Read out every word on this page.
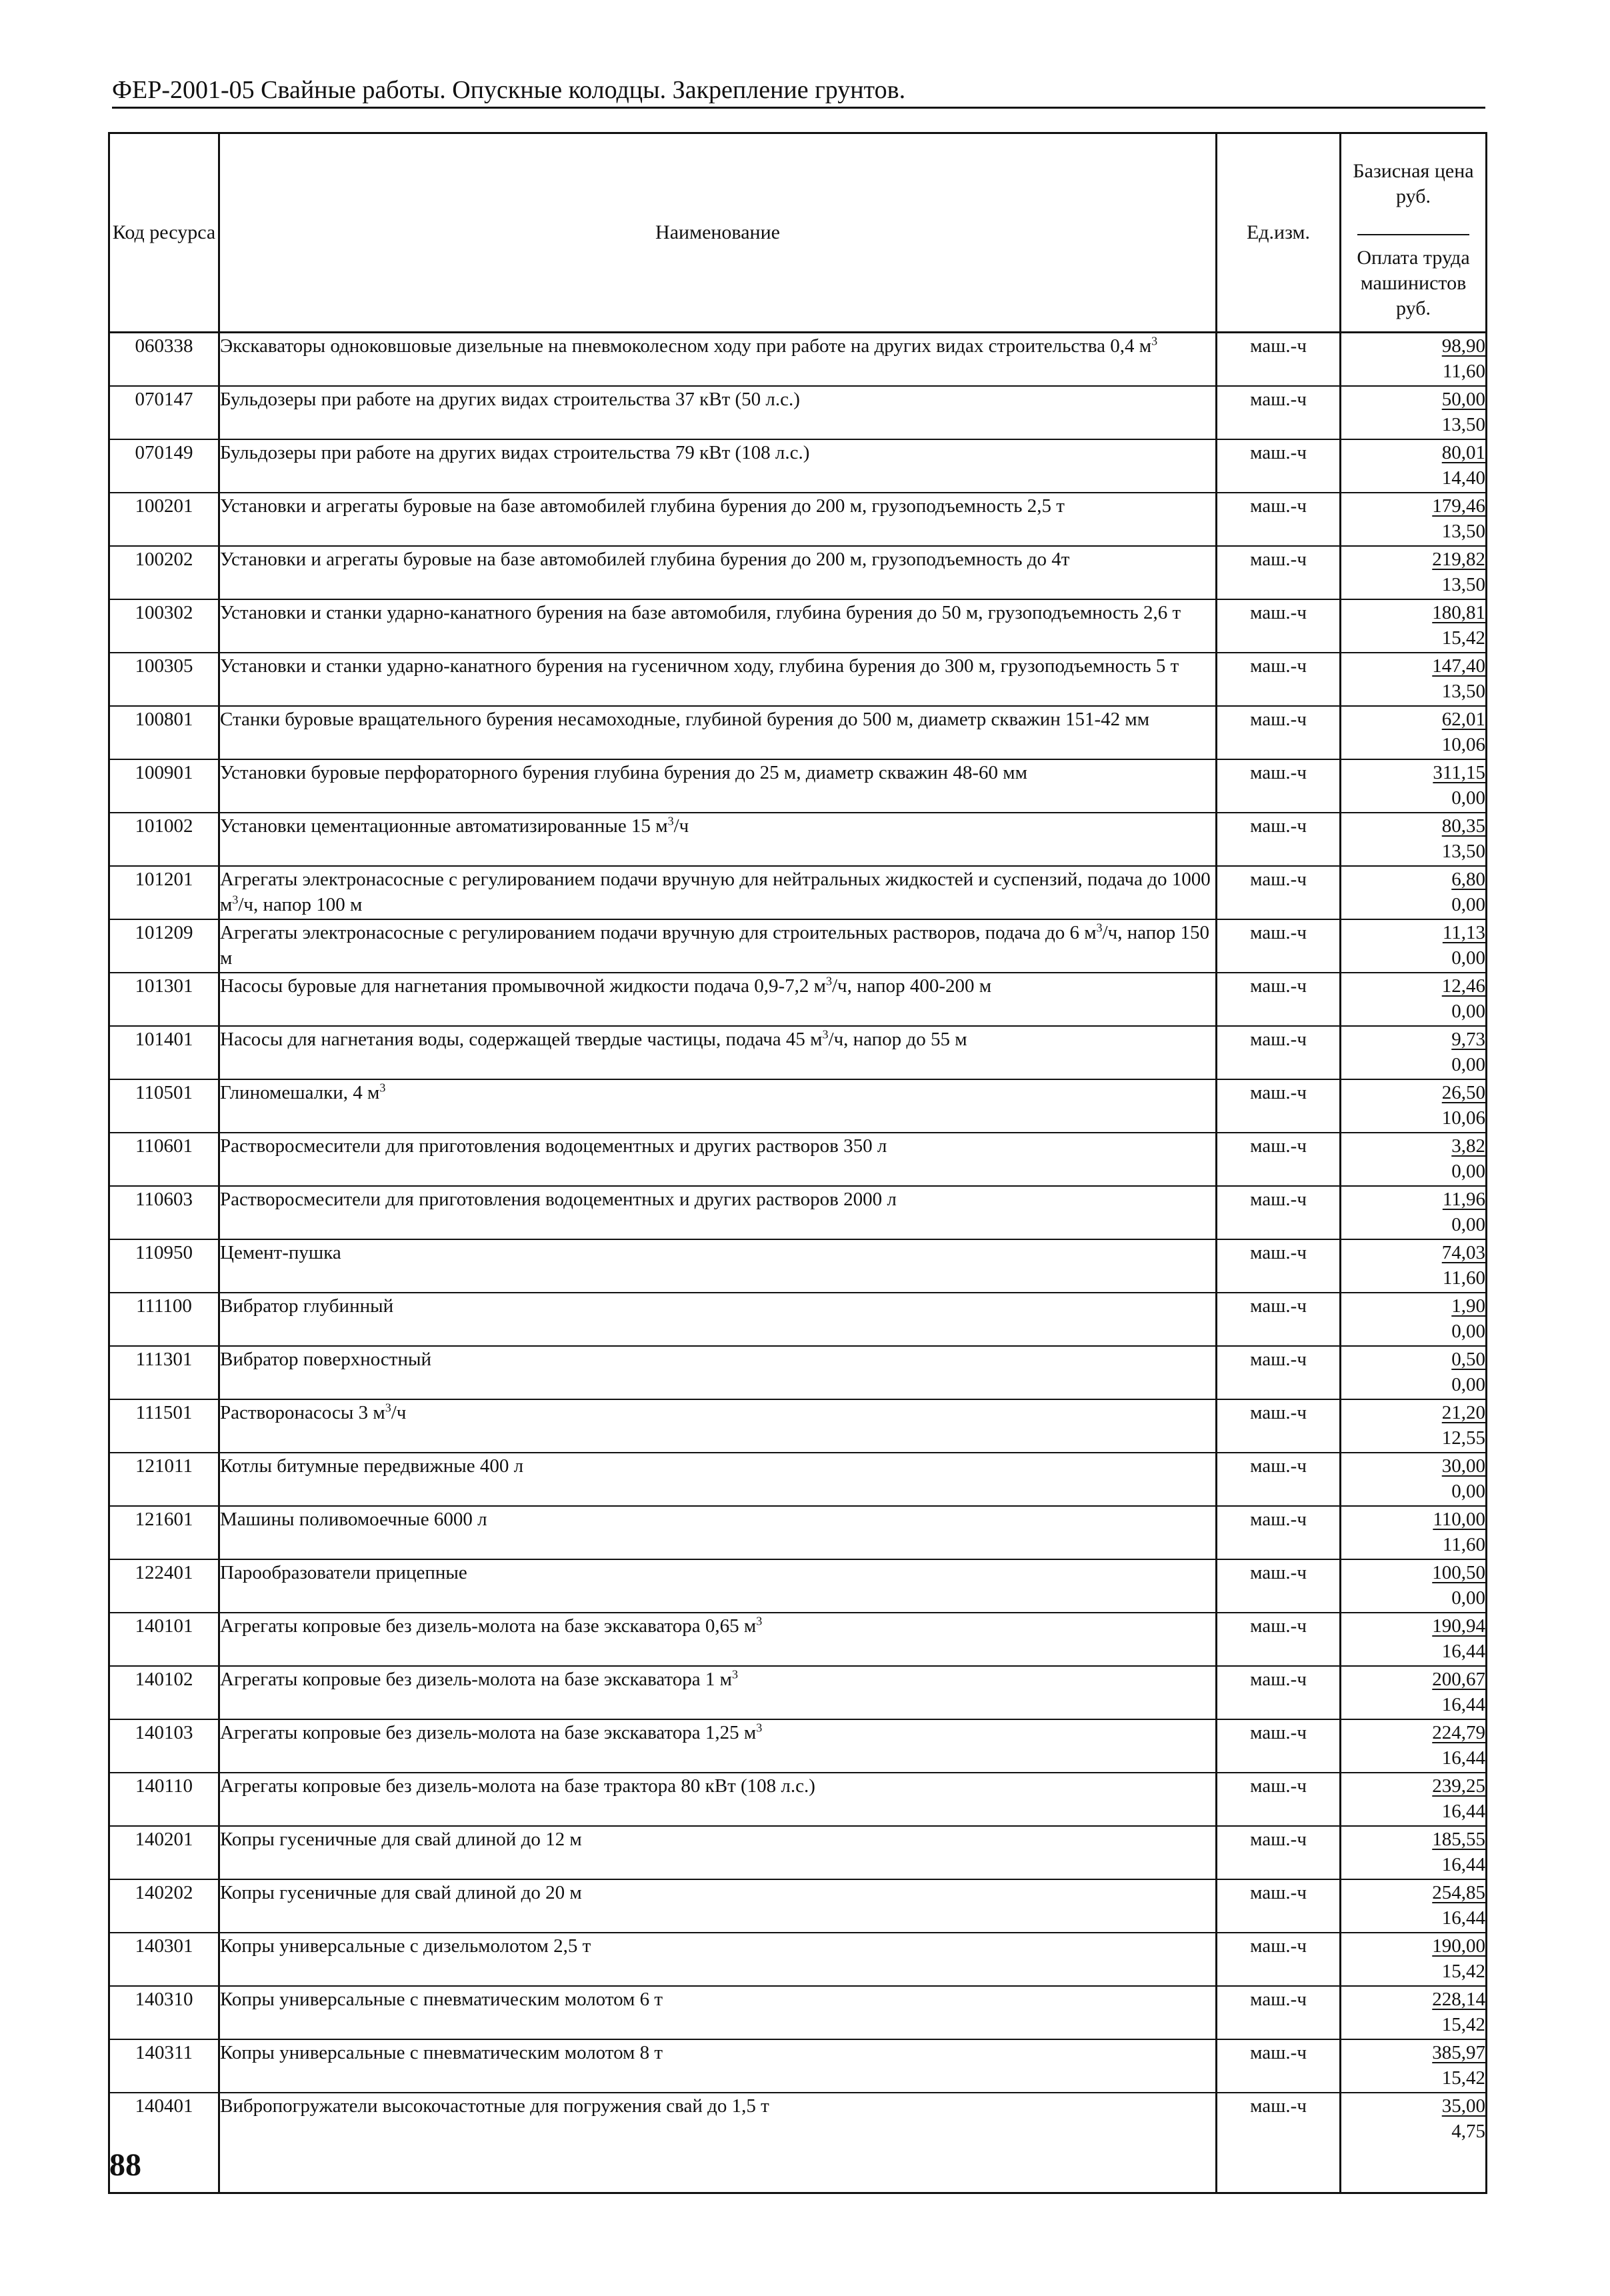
ФЕР-2001-05 Свайные работы. Опускные колодцы. Закрепление грунтов.
Код ресурса	Наименование	Ед.изм.	Базисная цена руб.
Оплата труда машинистов руб.

060338	Экскаваторы одноковшовые дизельные на пневмоколесном ходу при работе на других видах строительства 0,4 $м^3$	маш.-ч	98,90
11,60

070147	Бульдозеры при работе на других видах строительства 37 кВт (50 л.с.)	маш.-ч	50,00
13,50

070149	Бульдозеры при работе на других видах строительства 79 кВт (108 л.с.)	маш.-ч	80,01
14,40

100201	Установки и агрегаты буровые на базе автомобилей глубина бурения до 200 м, грузоподъемность 2,5 т	маш.-ч	179,46
13,50

100202	Установки и агрегаты буровые на базе автомобилей глубина бурения до 200 м, грузоподъемность до 4т	маш.-ч	219,82
13,50

100302	Установки и станки ударно-канатного бурения на базе автомобиля, глубина бурения до 50 м, грузоподъемность 2,6 т	маш.-ч	180,81
15,42

100305	Установки и станки ударно-канатного бурения на гусеничном ходу, глубина бурения до 300 м, грузоподъемность 5 т	маш.-ч	147,40
13,50

100801	Станки буровые вращательного бурения несамоходные, глубиной бурения до 500 м, диаметр скважин 151-42 мм	маш.-ч	62,01
10,06

100901	Установки буровые перфораторного бурения глубина бурения до 25 м, диаметр скважин 48-60 мм	маш.-ч	311,15
0,00

101002	Установки цементационные автоматизированные 15 $м^3/ч$	маш.-ч	80,35
13,50

101201	Агрегаты электронасосные с регулированием подачи вручную для нейтральных жидкостей и суспензий, подача до 1000 $м^3/ч$, напор 100 м	маш.-ч	6,80
0,00

101209	Агрегаты электронасосные с регулированием подачи вручную для строительных растворов, подача до 6 $м^3/ч$, напор 150 м	маш.-ч	11,13
0,00

101301	Насосы буровые для нагнетания промывочной жидкости подача 0,9-7,2 $м^3/ч$, напор 400-200 м	маш.-ч	12,46
0,00

101401	Насосы для нагнетания воды, содержащей твердые частицы, подача 45 $м^3/ч$, напор до 55 м	маш.-ч	9,73
0,00

110501	Глиномешалки, 4 $м^3$	маш.-ч	26,50
10,06

110601	Растворосмесители для приготовления водоцементных и других растворов 350 л	маш.-ч	3,82
0,00

110603	Растворосмесители для приготовления водоцементных и других растворов 2000 л	маш.-ч	11,96
0,00

110950	Цемент-пушка	маш.-ч	74,03
11,60

111100	Вибратор глубинный	маш.-ч	1,90
0,00

111301	Вибратор поверхностный	маш.-ч	0,50
0,00

111501	Растворонасосы 3 $м^3/ч$	маш.-ч	21,20
12,55

121011	Котлы битумные передвижные 400 л	маш.-ч	30,00
0,00

121601	Машины поливомоечные 6000 л	маш.-ч	110,00
11,60

122401	Парообразователи прицепные	маш.-ч	100,50
0,00

140101	Агрегаты копровые без дизель-молота на базе экскаватора 0,65 $м^3$	маш.-ч	190,94
16,44

140102	Агрегаты копровые без дизель-молота на базе экскаватора 1 $м^3$	маш.-ч	200,67
16,44

140103	Агрегаты копровые без дизель-молота на базе экскаватора 1,25 $м^3$	маш.-ч	224,79
16,44

140110	Агрегаты копровые без дизель-молота на базе трактора 80 кВт (108 л.с.)	маш.-ч	239,25
16,44

140201	Копры гусеничные для свай длиной до 12 м	маш.-ч	185,55
16,44

140202	Копры гусеничные для свай длиной до 20 м	маш.-ч	254,85
16,44

140301	Копры универсальные с дизельмолотом 2,5 т	маш.-ч	190,00
15,42

140310	Копры универсальные с пневматическим молотом 6 т	маш.-ч	228,14
15,42

140311	Копры универсальные с пневматическим молотом 8 т	маш.-ч	385,97
15,42

140401	Вибропогружатели высокочастотные для погружения свай до 1,5 т	маш.-ч	35,00
4,75
88
